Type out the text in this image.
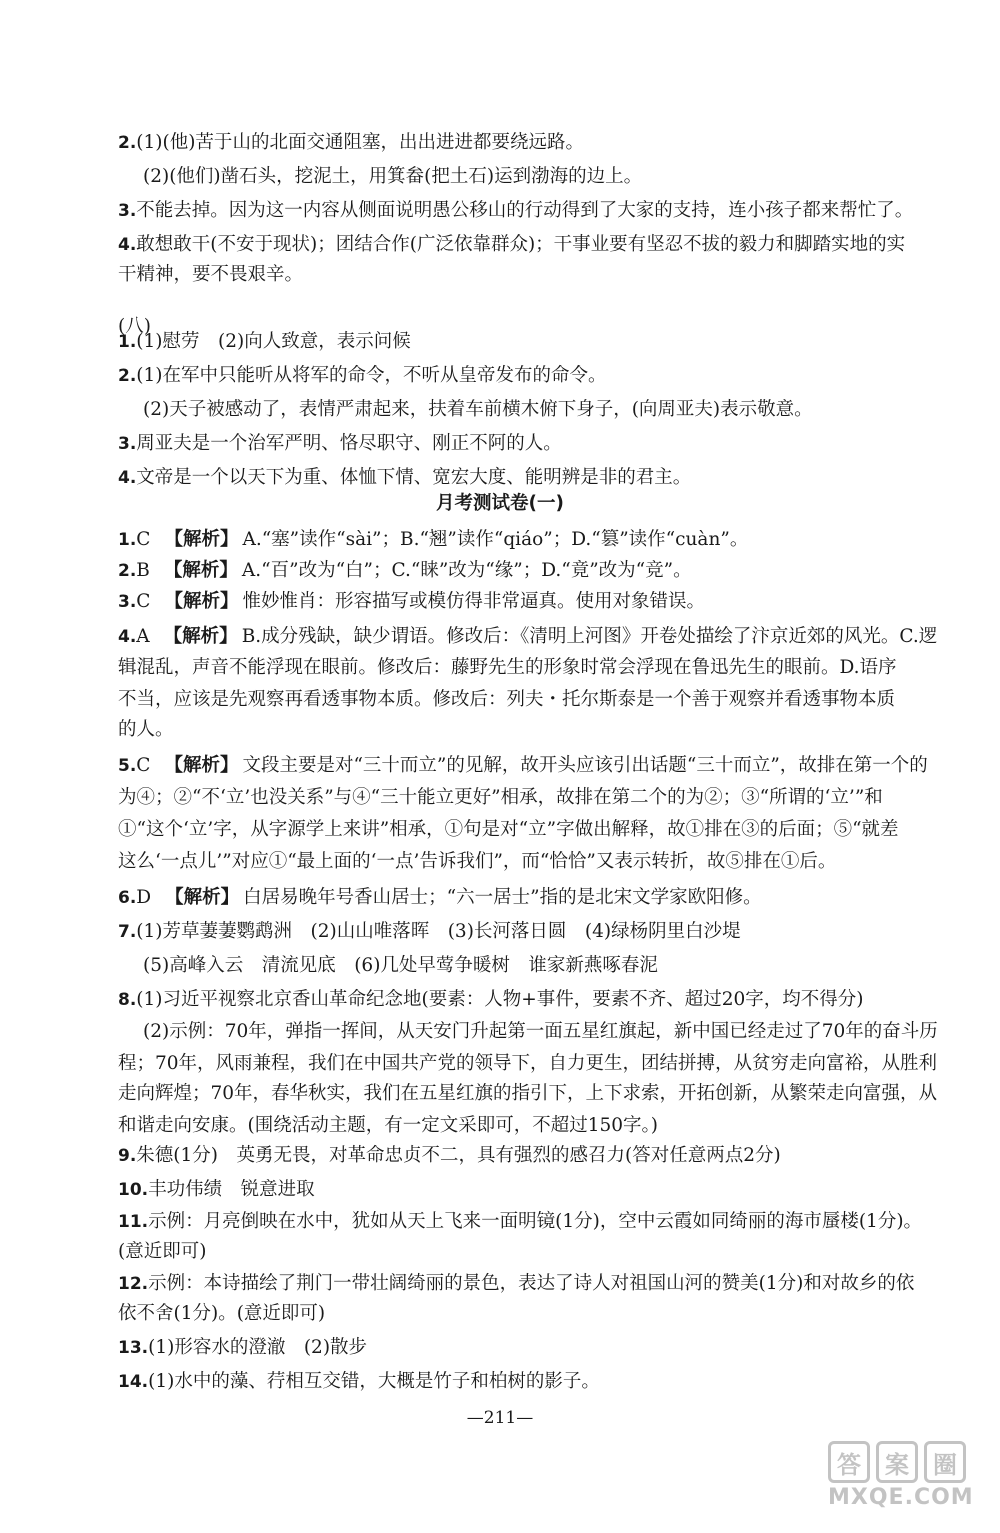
2.(1)(他)苦于山的北面交通阻塞，出出进进都要绕远路。
(2)(他们)凿石头，挖泥土，用箕畚(把土石)运到渤海的边上。
3.不能去掉。因为这一内容从侧面说明愚公移山的行动得到了大家的支持，连小孩子都来帮忙了。
4.敢想敢干(不安于现状)；团结合作(广泛依靠群众)；干事业要有坚忍不拔的毅力和脚踏实地的实
干精神，要不畏艰辛。
(八)
1.(1)慰劳　(2)向人致意，表示问候
2.(1)在军中只能听从将军的命令，不听从皇帝发布的命令。
(2)天子被感动了，表情严肃起来，扶着车前横木俯下身子，(向周亚夫)表示敬意。
3.周亚夫是一个治军严明、恪尽职守、刚正不阿的人。
4.文帝是一个以天下为重、体恤下情、宽宏大度、能明辨是非的君主。
月考测试卷(一)
1.C 【解析】 A.“塞”读作“sài”；B.“翘”读作“qiáo”；D.“篡”读作“cuàn”。
2.B 【解析】 A.“百”改为“白”；C.“睐”改为“缘”；D.“竟”改为“竞”。
3.C 【解析】 惟妙惟肖：形容描写或模仿得非常逼真。使用对象错误。
4.A 【解析】 B.成分残缺，缺少谓语。修改后：《清明上河图》开卷处描绘了汴京近郊的风光。C.逻
辑混乱，声音不能浮现在眼前。修改后：藤野先生的形象时常会浮现在鲁迅先生的眼前。D.语序
不当，应该是先观察再看透事物本质。修改后：列夫・托尔斯泰是一个善于观察并看透事物本质
的人。
5.C 【解析】 文段主要是对“三十而立”的见解，故开头应该引出话题“三十而立”，故排在第一个的
为④；②“不‘立’也没关系”与④“三十能立更好”相承，故排在第二个的为②；③“所谓的‘立’”和
①“这个‘立’字，从字源学上来讲”相承，①句是对“立”字做出解释，故①排在③的后面；⑤“就差
这么‘一点儿’”对应①“最上面的‘一点’告诉我们”，而“恰恰”又表示转折，故⑤排在①后。
6.D 【解析】 白居易晚年号香山居士；“六一居士”指的是北宋文学家欧阳修。
7.(1)芳草萋萋鹦鹉洲　(2)山山唯落晖　(3)长河落日圆　(4)绿杨阴里白沙堤
(5)高峰入云　清流见底　(6)几处早莺争暖树　谁家新燕啄春泥
8.(1)习近平视察北京香山革命纪念地(要素：人物+事件，要素不齐、超过20字，均不得分)
(2)示例：70年，弹指一挥间，从天安门升起第一面五星红旗起，新中国已经走过了70年的奋斗历
程；70年，风雨兼程，我们在中国共产党的领导下，自力更生，团结拼搏，从贫穷走向富裕，从胜利
走向辉煌；70年，春华秋实，我们在五星红旗的指引下，上下求索，开拓创新，从繁荣走向富强，从
和谐走向安康。(围绕活动主题，有一定文采即可，不超过150字。)
9.朱德(1分)　英勇无畏，对革命忠贞不二，具有强烈的感召力(答对任意两点2分)
10.丰功伟绩　锐意进取
11.示例：月亮倒映在水中，犹如从天上飞来一面明镜(1分)，空中云霞如同绮丽的海市蜃楼(1分)。
(意近即可)
12.示例：本诗描绘了荆门一带壮阔绮丽的景色，表达了诗人对祖国山河的赞美(1分)和对故乡的依
依不舍(1分)。(意近即可)
13.(1)形容水的澄澈　(2)散步
14.(1)水中的藻、荇相互交错，大概是竹子和柏树的影子。
—211—
答	案	圈
MXQE.COM
